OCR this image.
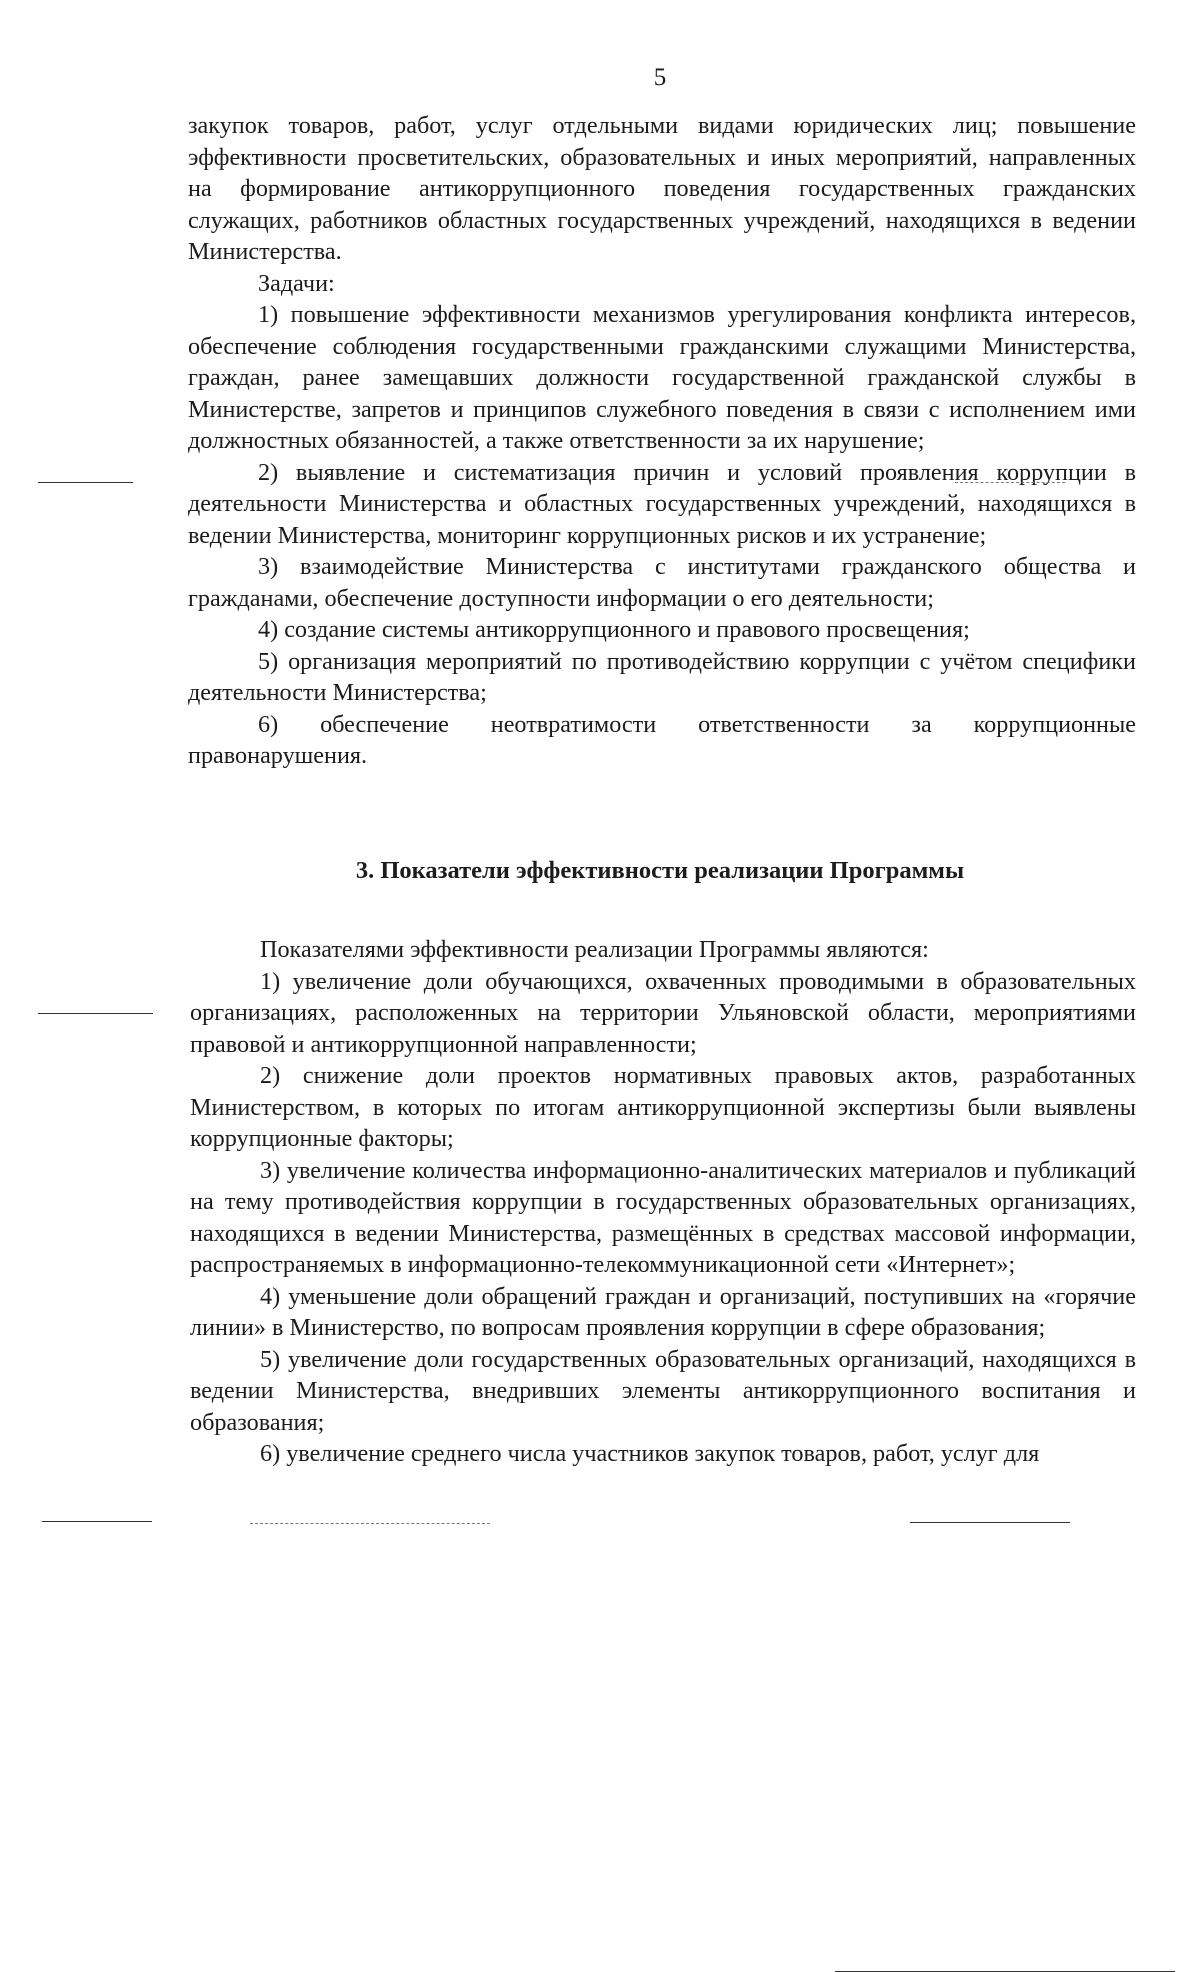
5

закупок товаров, работ, услуг отдельными видами юридических лиц; повышение эффективности просветительских, образовательных и иных мероприятий, направленных на формирование антикоррупционного поведения государственных гражданских служащих, работников областных государственных учреждений, находящихся в ведении Министерства.

Задачи:

1) повышение эффективности механизмов урегулирования конфликта интересов, обеспечение соблюдения государственными гражданскими служащими Министерства, граждан, ранее замещавших должности государственной гражданской службы в Министерстве, запретов и принципов служебного поведения в связи с исполнением ими должностных обязанностей, а также ответственности за их нарушение;

2) выявление и систематизация причин и условий проявления коррупции в деятельности Министерства и областных государственных учреждений, находящихся в ведении Министерства, мониторинг коррупционных рисков и их устранение;

3) взаимодействие Министерства с институтами гражданского общества и гражданами, обеспечение доступности информации о его деятельности;

4) создание системы антикоррупционного и правового просвещения;

5) организация мероприятий по противодействию коррупции с учётом специфики деятельности Министерства;

6) обеспечение неотвратимости ответственности за коррупционные правонарушения.

3. Показатели эффективности реализации Программы

Показателями эффективности реализации Программы являются:

1) увеличение доли обучающихся, охваченных проводимыми в образовательных организациях, расположенных на территории Ульяновской области, мероприятиями правовой и антикоррупционной направленности;

2) снижение доли проектов нормативных правовых актов, разработанных Министерством, в которых по итогам антикоррупционной экспертизы были выявлены коррупционные факторы;

3) увеличение количества информационно-аналитических материалов и публикаций на тему противодействия коррупции в государственных образовательных организациях, находящихся в ведении Министерства, размещённых в средствах массовой информации, распространяемых в информационно-телекоммуникационной сети «Интернет»;

4) уменьшение доли обращений граждан и организаций, поступивших на «горячие линии» в Министерство, по вопросам проявления коррупции в сфере образования;

5) увеличение доли государственных образовательных организаций, находящихся в ведении Министерства, внедривших элементы антикоррупционного воспитания и образования;

6) увеличение среднего числа участников закупок товаров, работ, услуг для
